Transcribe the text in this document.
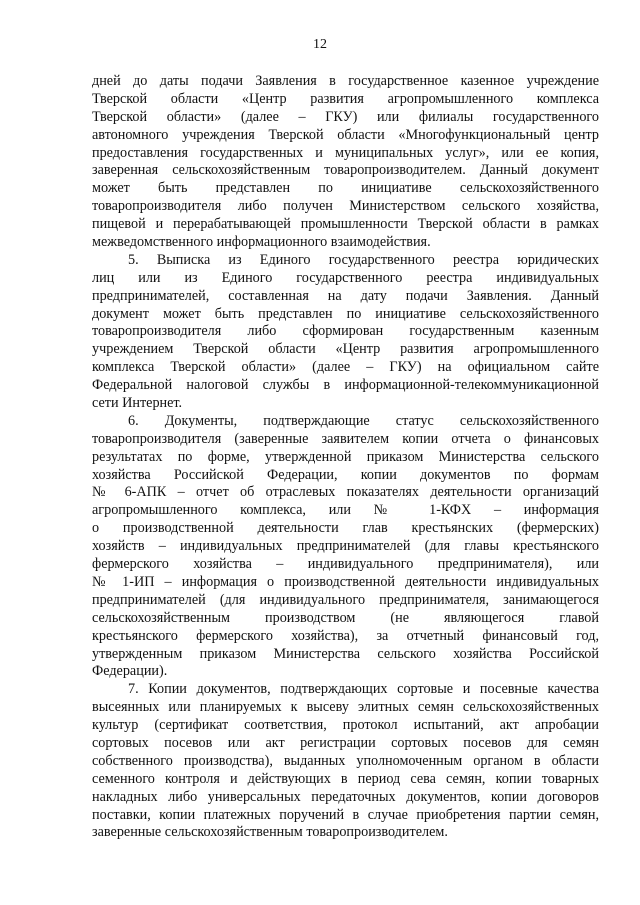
12
дней до даты подачи Заявления в государственное казенное учреждение
Тверской области «Центр развития агропромышленного комплекса
Тверской области» (далее – ГКУ) или филиалы государственного
автономного учреждения Тверской области «Многофункциональный центр
предоставления государственных и муниципальных услуг», или ее копия,
заверенная сельскохозяйственным товаропроизводителем. Данный документ
может быть представлен по инициативе сельскохозяйственного
товаропроизводителя либо получен Министерством сельского хозяйства,
пищевой и перерабатывающей промышленности Тверской области в рамках
межведомственного информационного взаимодействия.
5. Выписка из Единого государственного реестра юридических
лиц или из Единого государственного реестра индивидуальных
предпринимателей, составленная на дату подачи Заявления. Данный
документ может быть представлен по инициативе сельскохозяйственного
товаропроизводителя либо сформирован государственным казенным
учреждением Тверской области «Центр развития агропромышленного
комплекса Тверской области» (далее – ГКУ) на официальном сайте
Федеральной налоговой службы в информационной-телекоммуникационной
сети Интернет.
6. Документы, подтверждающие статус сельскохозяйственного
товаропроизводителя (заверенные заявителем копии отчета о финансовых
результатах по форме, утвержденной приказом Министерства сельского
хозяйства Российской Федерации, копии документов по формам
№ 6-АПК – отчет об отраслевых показателях деятельности организаций
агропромышленного комплекса, или № 1-КФХ – информация
о производственной деятельности глав крестьянских (фермерских)
хозяйств – индивидуальных предпринимателей (для главы крестьянского
фермерского хозяйства – индивидуального предпринимателя), или
№ 1-ИП – информация о производственной деятельности индивидуальных
предпринимателей (для индивидуального предпринимателя, занимающегося
сельскохозяйственным производством (не являющегося главой
крестьянского фермерского хозяйства), за отчетный финансовый год,
утвержденным приказом Министерства сельского хозяйства Российской
Федерации).
7. Копии документов, подтверждающих сортовые и посевные качества
высеянных или планируемых к высеву элитных семян сельскохозяйственных
культур (сертификат соответствия, протокол испытаний, акт апробации
сортовых посевов или акт регистрации сортовых посевов для семян
собственного производства), выданных уполномоченным органом в области
семенного контроля и действующих в период сева семян, копии товарных
накладных либо универсальных передаточных документов, копии договоров
поставки, копии платежных поручений в случае приобретения партии семян,
заверенные сельскохозяйственным товаропроизводителем.
